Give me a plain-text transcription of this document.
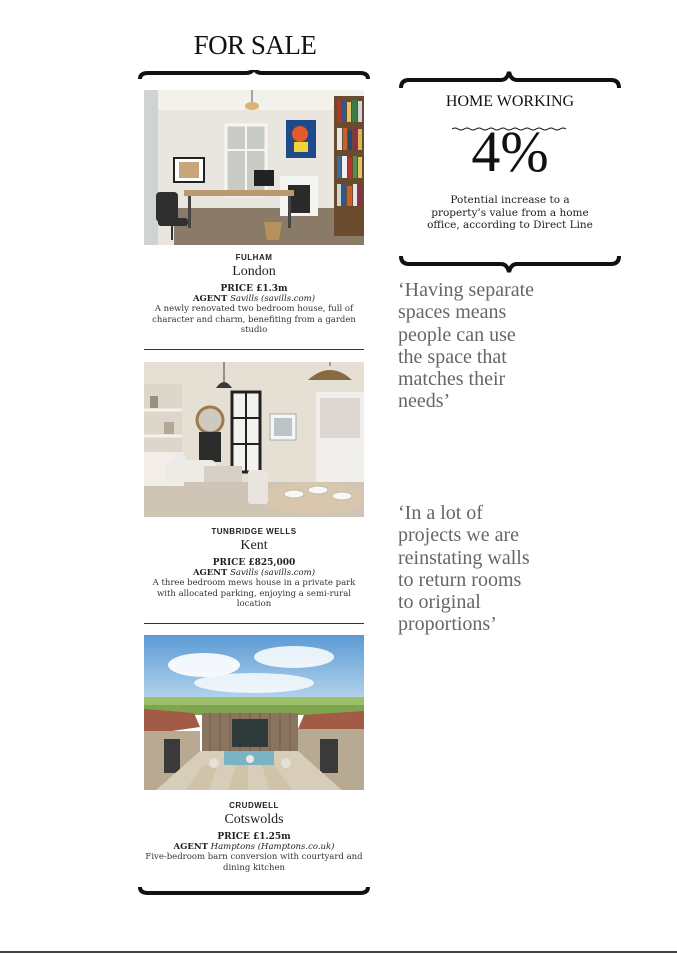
FOR SALE
FULHAM
London
PRICE £1.3m
AGENT Savills (savills.com)
A newly renovated two bedroom house, full of character and charm, benefiting from a garden studio
TUNBRIDGE WELLS
Kent
PRICE £825,000
AGENT Savills (savills.com)
A three bedroom mews house in a private park with allocated parking, enjoying a semi-rural location
CRUDWELL
Cotswolds
PRICE £1.25m
AGENT Hamptons (Hamptons.co.uk)
Five-bedroom barn conversion with courtyard and dining kitchen
HOME WORKING
4%
Potential increase to a property’s value from a home office, according to Direct Line
‘Having separate spaces means people can use the space that matches their needs’
‘In a lot of projects we are reinstating walls to return rooms to original proportions’
